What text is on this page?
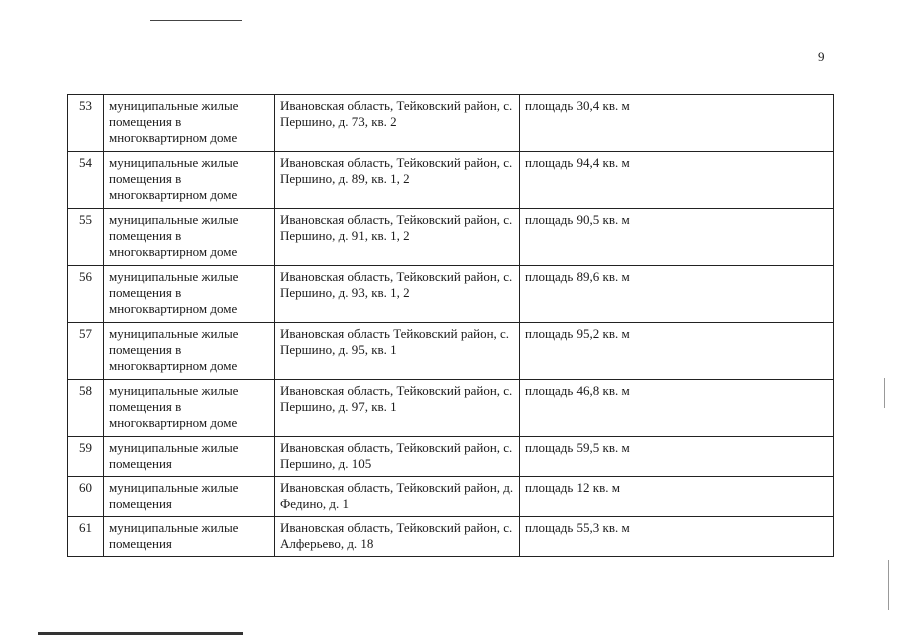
9
53	муниципальные жилые помещения в многоквартирном доме	Ивановская область, Тейковский район, с. Першино, д. 73, кв. 2	площадь 30,4 кв. м
54	муниципальные жилые помещения в многоквартирном доме	Ивановская область, Тейковский район, с. Першино, д. 89, кв. 1, 2	площадь 94,4 кв. м
55	муниципальные жилые помещения в многоквартирном доме	Ивановская область, Тейковский район, с. Першино, д. 91, кв. 1, 2	площадь 90,5 кв. м
56	муниципальные жилые помещения в многоквартирном доме	Ивановская область, Тейковский район, с. Першино, д. 93, кв. 1, 2	площадь 89,6 кв. м
57	муниципальные жилые помещения в многоквартирном доме	Ивановская область Тейковский район, с. Першино, д. 95, кв. 1	площадь 95,2 кв. м
58	муниципальные жилые помещения в многоквартирном доме	Ивановская область, Тейковский район, с. Першино, д. 97, кв. 1	площадь 46,8 кв. м
59	муниципальные жилые помещения	Ивановская область, Тейковский район, с. Першино, д. 105	площадь 59,5 кв. м
60	муниципальные жилые помещения	Ивановская область, Тейковский район, д. Федино, д. 1	площадь 12 кв. м
61	муниципальные жилые помещения	Ивановская область, Тейковский район, с. Алферьево, д. 18	площадь 55,3 кв. м
